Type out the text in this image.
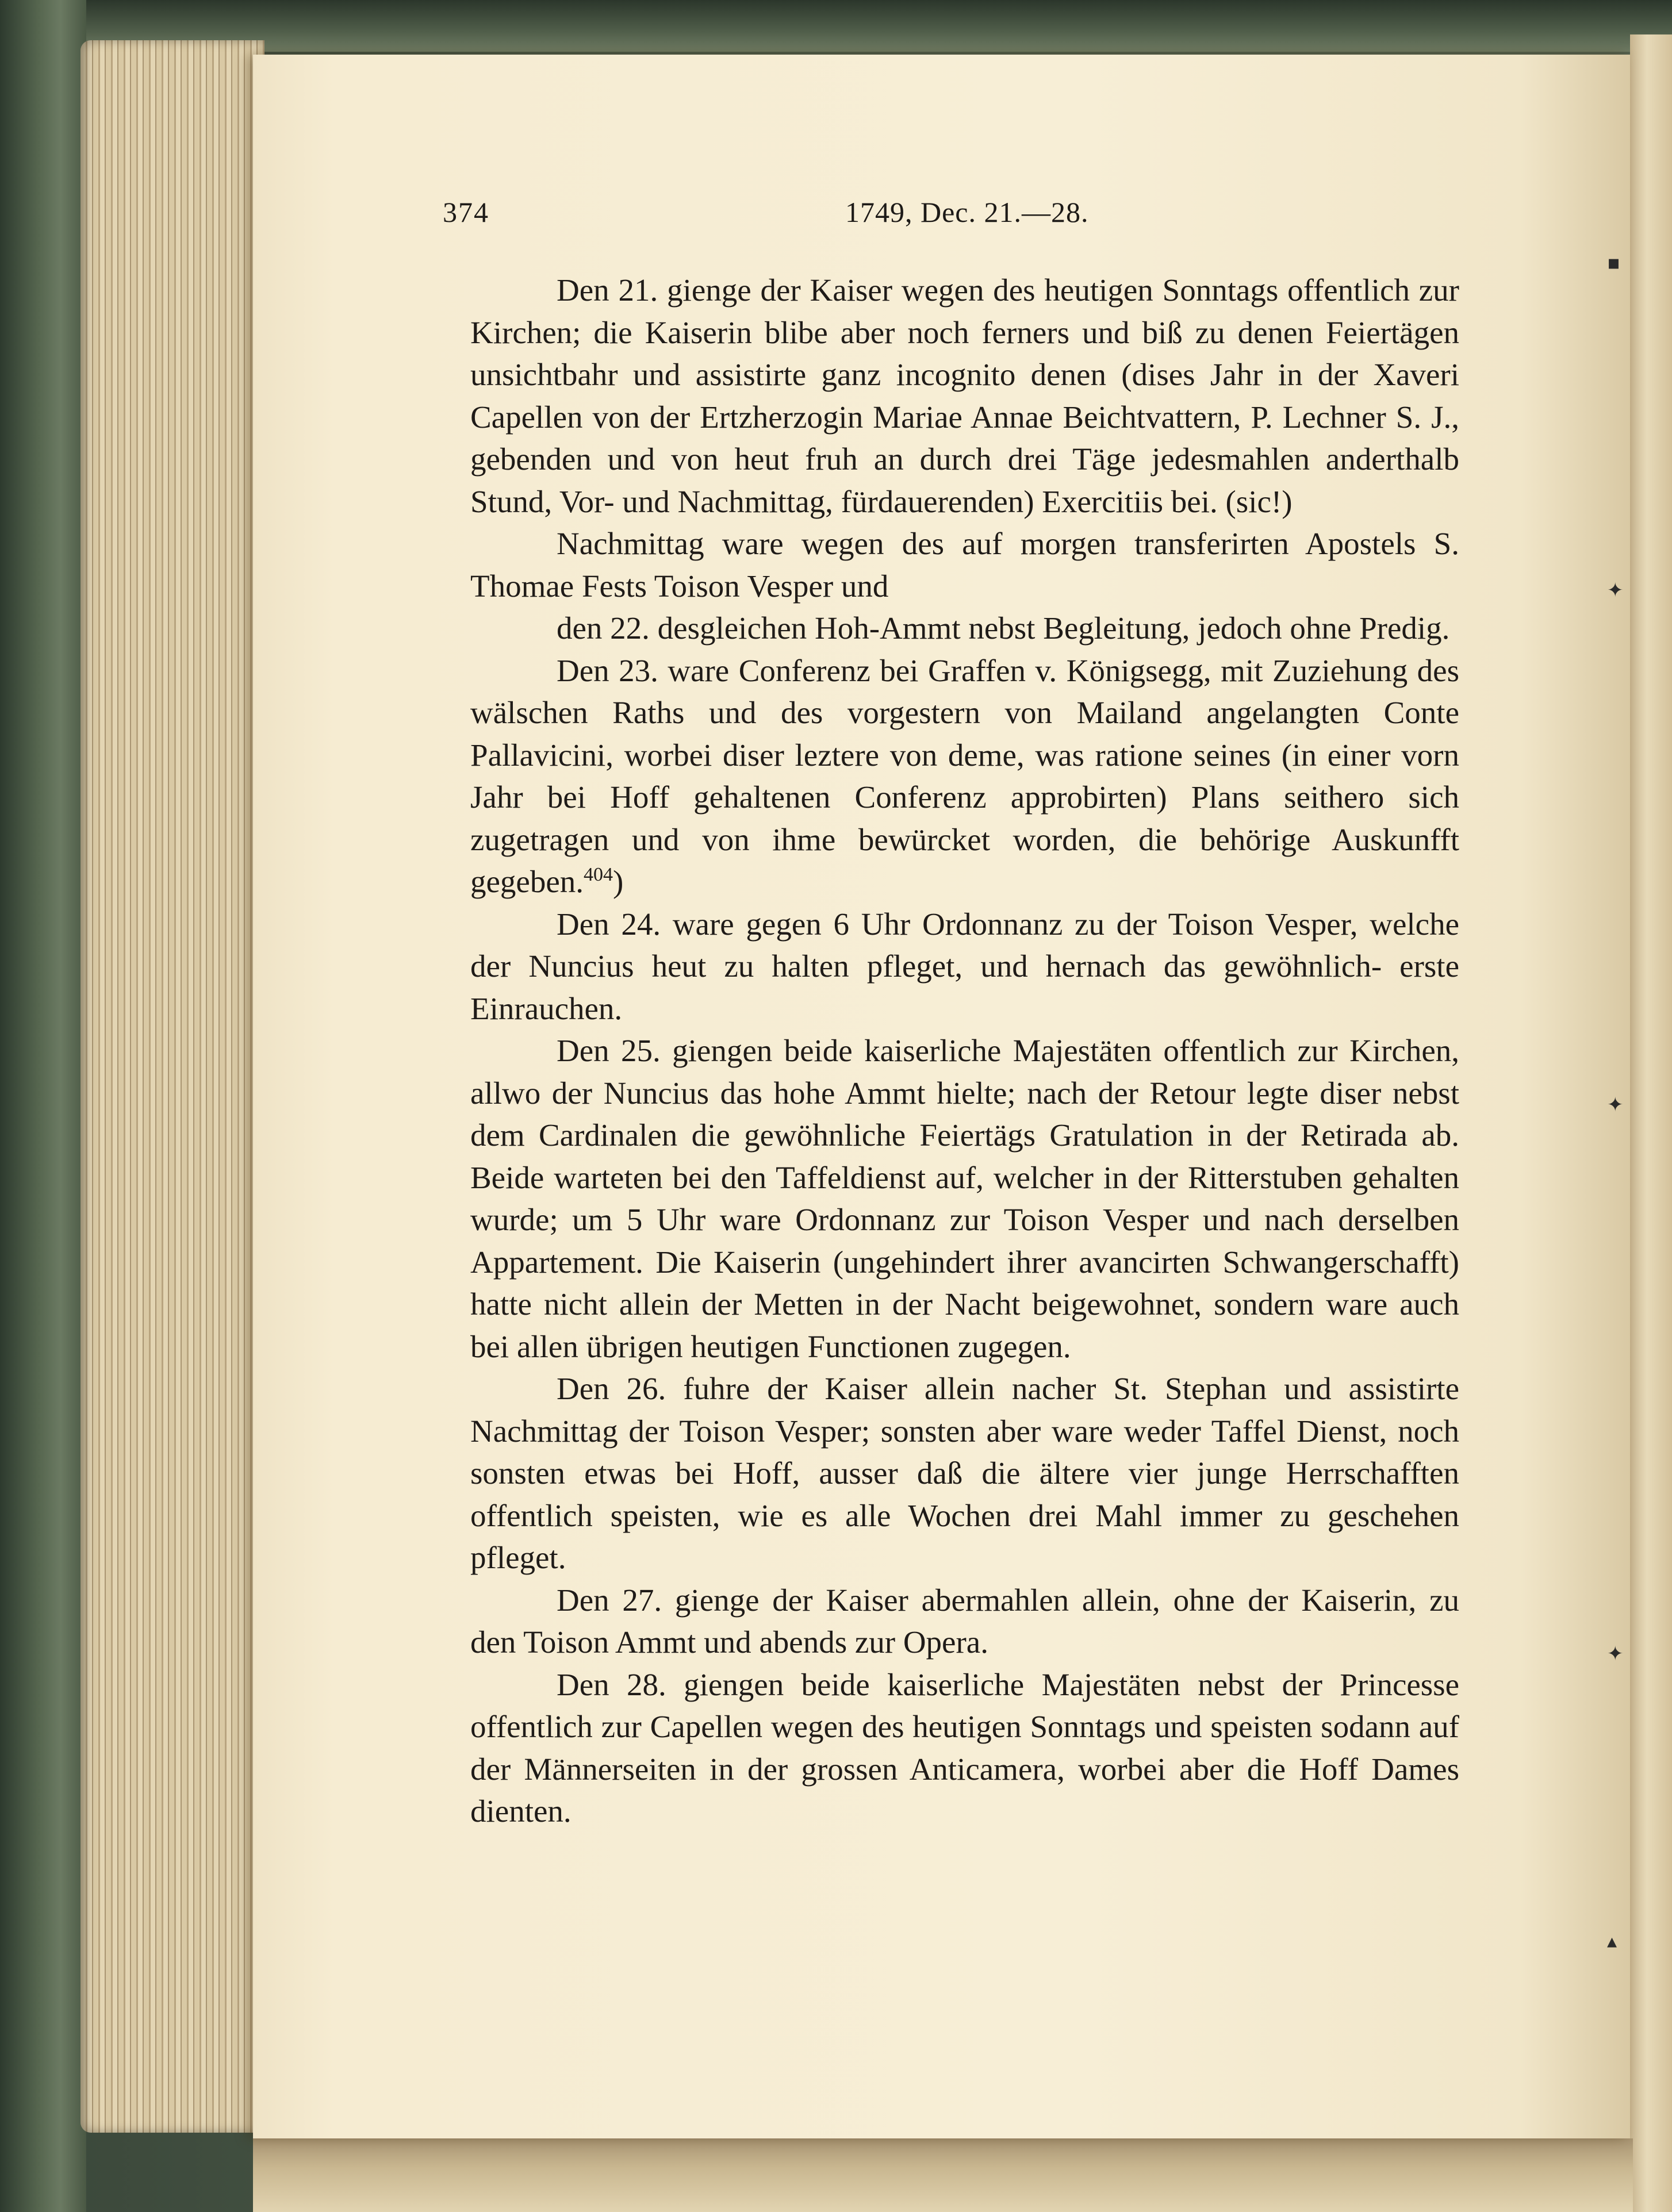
▪
✦
✦
✦
▴
374	1749, Dec. 21.—28.

Den 21. gienge der Kaiser wegen des heutigen Sonntags offentlich zur Kirchen; die Kaiserin blibe aber noch ferners und biß zu denen Feiertägen unsichtbahr und assistirte ganz incognito denen (dises Jahr in der Xaveri Capellen von der Ertzherzogin Mariae Annae Beichtvattern, P. Lechner S. J., gebenden und von heut fruh an durch drei Täge jedesmahlen anderthalb Stund, Vor- und Nachmittag, fürdauerenden) Exercitiis bei. (sic!)

Nachmittag ware wegen des auf morgen transferirten Apostels S. Thomae Fests Toison Vesper und

den 22. desgleichen Hoh-Ammt nebst Begleitung, jedoch ohne Predig.

Den 23. ware Conferenz bei Graffen v. Königsegg, mit Zuziehung des wälschen Raths und des vorgestern von Mailand angelangten Conte Pallavicini, worbei diser leztere von deme, was ratione seines (in einer vorn Jahr bei Hoff gehaltenen Conferenz approbirten) Plans seithero sich zugetragen und von ihme bewürcket worden, die behörige Auskunfft gegeben.$^{404}$)

Den 24. ware gegen 6 Uhr Ordonnanz zu der Toison Vesper, welche der Nuncius heut zu halten pfleget, und hernach das gewöhnlich- erste Einrauchen.

Den 25. giengen beide kaiserliche Majestäten offentlich zur Kirchen, allwo der Nuncius das hohe Ammt hielte; nach der Retour legte diser nebst dem Cardinalen die gewöhnliche Feiertägs Gratulation in der Retirada ab. Beide warteten bei den Taffeldienst auf, welcher in der Ritterstuben gehalten wurde; um 5 Uhr ware Ordonnanz zur Toison Vesper und nach derselben Appartement. Die Kaiserin (ungehindert ihrer avancirten Schwangerschafft) hatte nicht allein der Metten in der Nacht beigewohnet, sondern ware auch bei allen übrigen heutigen Functionen zugegen.

Den 26. fuhre der Kaiser allein nacher St. Stephan und assistirte Nachmittag der Toison Vesper; sonsten aber ware weder Taffel Dienst, noch sonsten etwas bei Hoff, ausser daß die ältere vier junge Herrschafften offentlich speisten, wie es alle Wochen drei Mahl immer zu geschehen pfleget.

Den 27. gienge der Kaiser abermahlen allein, ohne der Kaiserin, zu den Toison Ammt und abends zur Opera.

Den 28. giengen beide kaiserliche Majestäten nebst der Princesse offentlich zur Capellen wegen des heutigen Sonntags und speisten sodann auf der Männerseiten in der grossen Anticamera, worbei aber die Hoff Dames dienten.
